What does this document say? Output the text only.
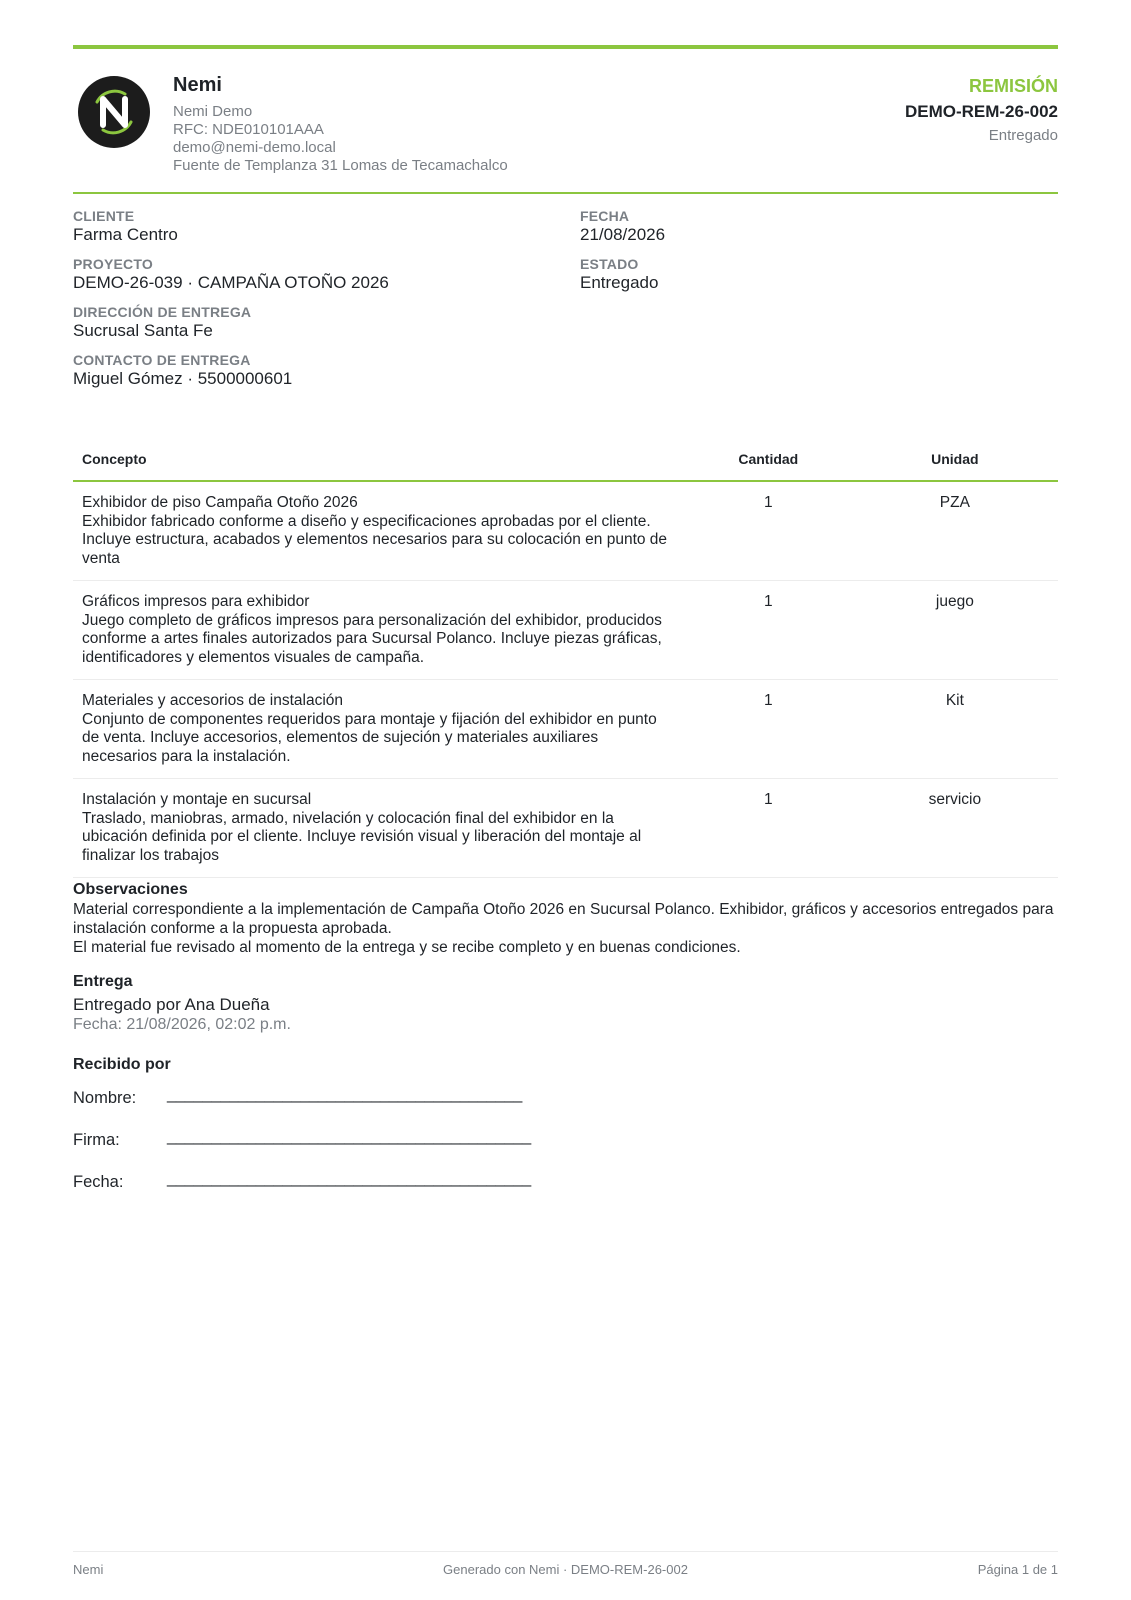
Nemi
Nemi Demo
RFC: NDE010101AAA
demo@nemi-demo.local
Fuente de Templanza 31 Lomas de Tecamachalco
REMISIÓN
DEMO-REM-26-002
Entregado
CLIENTE
Farma Centro
FECHA
21/08/2026
PROYECTO
DEMO-26-039 · CAMPAÑA OTOÑO 2026
ESTADO
Entregado
DIRECCIÓN DE ENTREGA
Sucrusal Santa Fe
CONTACTO DE ENTREGA
Miguel Gómez · 5500000601
Concepto	Cantidad	Unidad

Exhibidor de piso Campaña Otoño 2026
Exhibidor fabricado conforme a diseño y especificaciones aprobadas por el cliente. Incluye estructura, acabados y elementos necesarios para su colocación en punto de venta	1	PZA

Gráficos impresos para exhibidor
Juego completo de gráficos impresos para personalización del exhibidor, producidos conforme a artes finales autorizados para Sucursal Polanco. Incluye piezas gráficas, identificadores y elementos visuales de campaña.	1	juego

Materiales y accesorios de instalación
Conjunto de componentes requeridos para montaje y fijación del exhibidor en punto de venta. Incluye accesorios, elementos de sujeción y materiales auxiliares necesarios para la instalación.	1	Kit

Instalación y montaje en sucursal
Traslado, maniobras, armado, nivelación y colocación final del exhibidor en la ubicación definida por el cliente. Incluye revisión visual y liberación del montaje al finalizar los trabajos	1	servicio
Observaciones
Material correspondiente a la implementación de Campaña Otoño 2026 en Sucursal Polanco. Exhibidor, gráficos y accesorios entregados para instalación conforme a la propuesta aprobada.
El material fue revisado al momento de la entrega y se recibe completo y en buenas condiciones.
Entrega
Entregado por Ana Dueña
Fecha: 21/08/2026, 02:02 p.m.
Recibido por
Nombre: ________________________________________
Firma:	_________________________________________
Fecha:	_________________________________________
Nemi	Generado con Nemi · DEMO-REM-26-002	Página 1 de 1
